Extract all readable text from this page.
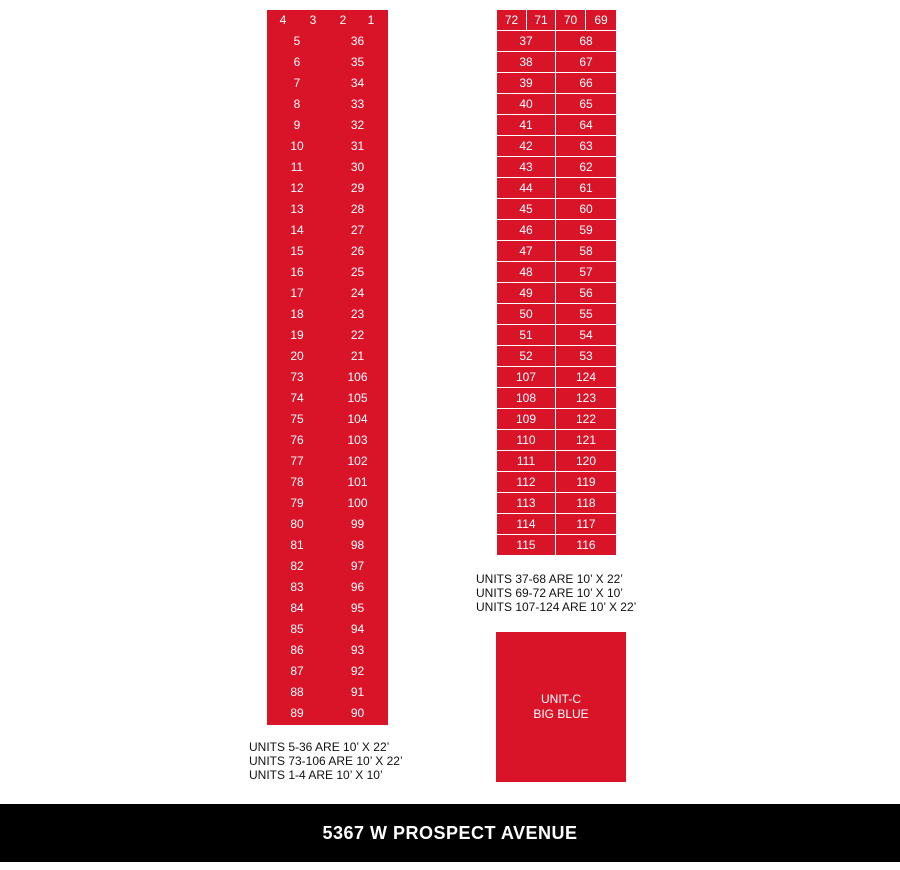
4	3	2	1
5	36
6	35
7	34
8	33
9	32
10	31
11	30
12	29
13	28
14	27
15	26
16	25
17	24
18	23
19	22
20	21
73	106
74	105
75	104
76	103
77	102
78	101
79	100
80	99
81	98
82	97
83	96
84	95
85	94
86	93
87	92
88	91
89	90
72	71	70	69
37	68
38	67
39	66
40	65
41	64
42	63
43	62
44	61
45	60
46	59
47	58
48	57
49	56
50	55
51	54
52	53
107	124
108	123
109	122
110	121
111	120
112	119
113	118
114	117
115	116
UNIT-C
BIG BLUE
UNITS 5-36 ARE 10’ X 22’
UNITS 73-106 ARE 10’ X 22’
UNITS 1-4 ARE 10’ X 10’
UNITS 37-68 ARE 10’ X 22’
UNITS 69-72 ARE 10’ X 10’
UNITS 107-124 ARE 10’ X 22’
5367 W PROSPECT AVENUE
